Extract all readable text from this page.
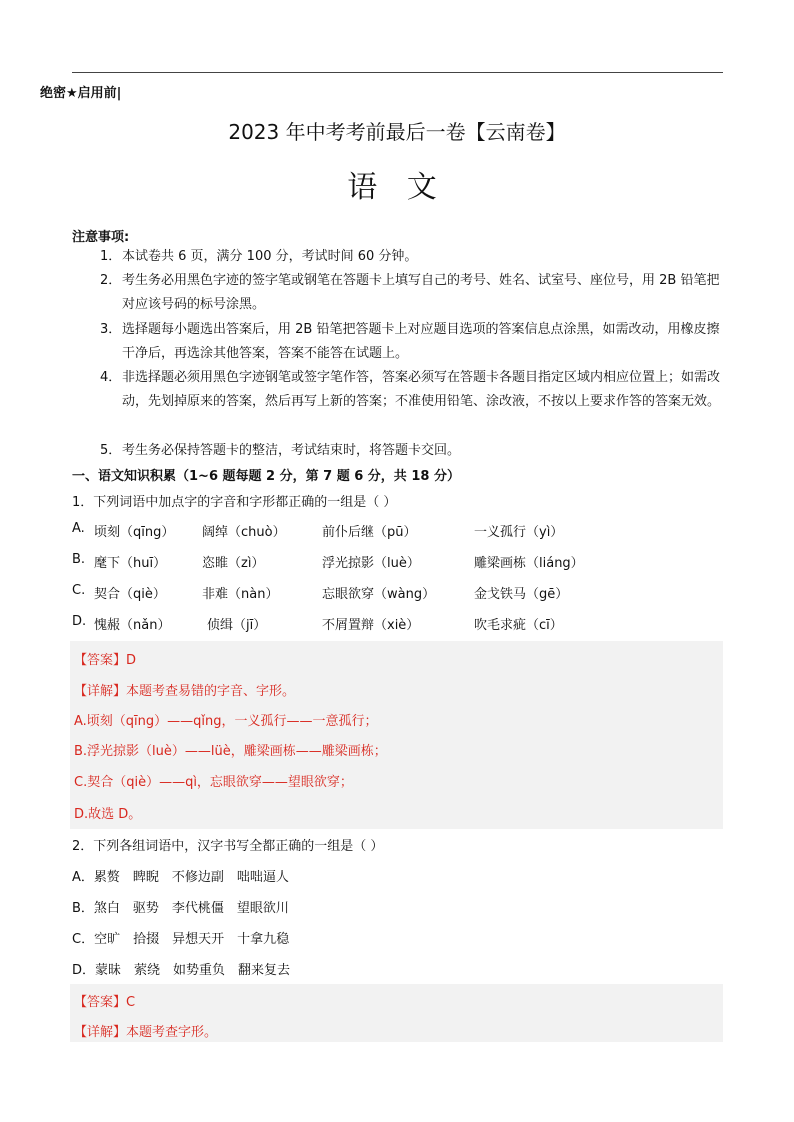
绝密★启用前|
2023 年中考考前最后一卷【云南卷】
语 文
注意事项:
1．本试卷共 6 页，满分 100 分，考试时间 60 分钟。
2．考生务必用黑色字迹的签字笔或钢笔在答题卡上填写自己的考号、姓名、试室号、座位号，用 2B 铅笔把对应该号码的标号涂黑。
3．选择题每小题选出答案后，用 2B 铅笔把答题卡上对应题目选项的答案信息点涂黑，如需改动，用橡皮擦干净后，再选涂其他答案，答案不能答在试题上。
4．非选择题必须用黑色字迹钢笔或签字笔作答，答案必须写在答题卡各题目指定区域内相应位置上；如需改动，先划掉原来的答案，然后再写上新的答案；不准使用铅笔、涂改液，不按以上要求作答的答案无效。
5．考生务必保持答题卡的整洁，考试结束时，将答题卡交回。
一、语文知识积累（1~6 题每题 2 分，第 7 题 6 分，共 18 分）
1．下列词语中加点字的字音和字形都正确的一组是（ ）
A. 顷刻（qīng） 阔绰（chuò）	前仆后继（pū）	一义孤行（yì）
B. 麾下（huī）	恣睢（zì）	浮光掠影（luè）	雕梁画栋（liáng）
C. 契合（qiè）	非难（nàn）	忘眼欲穿（wàng）	金戈铁马（gē）
D. 愧赧（nǎn）	侦缉（jī）	不屑置辩（xiè）	吹毛求疵（cī）
【答案】D
【详解】本题考查易错的字音、字形。
A.顷刻（qīng）——qǐng，一义孤行——一意孤行；
B.浮光掠影（luè）——lüè，雕梁画栋——雕梁画栋；
C.契合（qiè）——qì，忘眼欲穿——望眼欲穿；
D.故选 D。
2．下列各组词语中，汉字书写全都正确的一组是（ ）
A．累赘　睥睨　不修边副　咄咄逼人
B．煞白　驱势　李代桃僵　望眼欲川
C．空旷　拾掇　异想天开　十拿九稳
D．蒙昧　萦绕　如势重负　翻来复去
【答案】C
【详解】本题考查字形。
